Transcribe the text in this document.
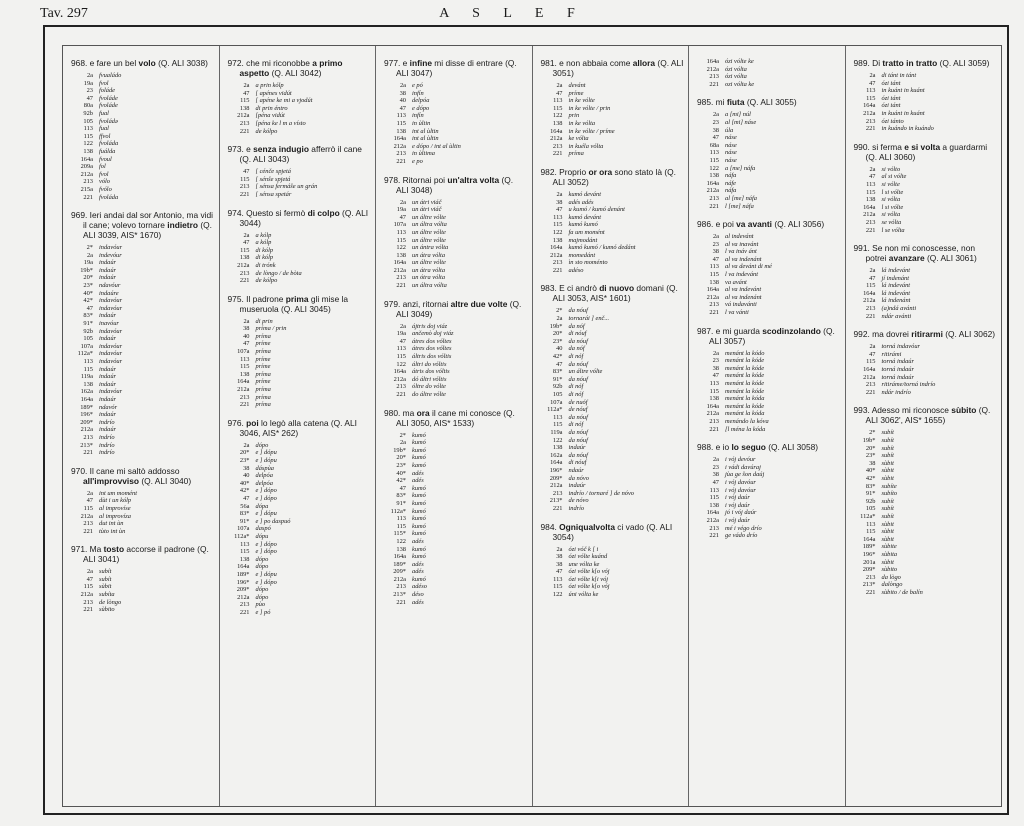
Tav. 297	A S L E F
968. e fare un bel volo (Q. ALI 3038)
2a fvualádo
19a fvol
23 foláde
47 fvoláde
80a fvoláde
92b fual
105 fvoládə
113 fual
115 ffvol
122 fvoláda
138 fuálda
164a fvoul
209a fol
212a fvol
213 vólo
215a fvólo
221 fvoláda
969. Ieri andai dal sor Antonio, ma vidi il cane; volevo tornare indietro (Q. ALI 3039, AIS* 1670)
2* indavóur
2a indevóur
19a indaúr
19b* indaúr
20* indaúr
23* ndavóur
40* indaúre
42* indavóur
47 indavóur
83* indaúr
91* inavóur
92b indavóur
105 indaúr
107a indavóur
112a* indavóur
113 indavóur
115 indaúr
119a indaúr
138 indaúr
162a indavóur
164a indaúr
189* ndavór
196* indaúr
209* indrío
212a indaúr
213 indrío
213* indrío
221 indrío
970. Il cane mi saltò addosso all'improvviso (Q. ALI 3040)
2a int um momént
47 dùt i un kólp
115 al improvíse
212a al improvíza
213 dut int ùn
221 tùto int ùn
971. Ma tosto accorse il padrone (Q. ALI 3041)
2a subít
47 subít
115 sùbit
212a subíta
213 de lòngo
221 sùbito
972. che mi riconobbe a primo aspetto (Q. ALI 3042)
2a a prin kólp
47 [ apénes vidút
115 [ apéne ke mi a vjodút
138 di prin éntro
212a [péna vidút
213 [péna ke l m a vísto
221 de kólpo
973. e senza indugio afferrò il cane (Q. ALI 3043)
47 [ cénče spjetá
115 [ sénše spjetá
213 [ sénsa fermáše un grán
221 [ sénsa spetár
974. Questo si fermò di colpo (Q. ALI 3044)
2a a kólp
47 a kólp
115 di kólp
138 di kólp
212a di trónk
213 de lòngo / de bòta
221 de kólpo
975. Il padrone prima gli mise la museruola (Q. ALI 3045)
2a di prin
38 príma / prin
40 príma
47 príme
107a príma
113 príme
115 príme
138 príma
164a príme
212a príma
213 príma
221 príma
976. poi lo legò alla catena (Q. ALI 3046, AIS* 262)
2a dópo
20* e ] dópu
23* e ] dópu
38 dáspùa
40 delpóa
40* delpóa
42* e ] dópo
47 e ] dópo
56a dópa
83* e ] dópu
91* e ] po daspuó
107a daspó
112a* dópu
113 e ] dópo
115 e ] dópo
138 dópo
164a dópo
189* e ] dópu
196* e ] dópo
209* dópo
212a dópo
213 pùo
221 e ] pó
977. e infine mi disse di entrare (Q. ALI 3047)
2a e pó
38 infín
40 delpóa
47 e dópo
113 infín
115 in ùltin
138 int al ùltin
164a int al ùltin
212a e dópo / int al ùltin
213 in ùltima
221 e po
978. Ritornai poi un'altra volta (Q. ALI 3048)
2a un átri viáč
19a un átri viáč
47 un áltre vólte
107a un áltra vólta
113 un áltre vólte
115 un áltre vólte
122 un ántra vólta
138 un átra vólta
164a un áltre vólte
212a un átra vólta
213 un ótra vólta
221 un áltra vólta
979. anzi, ritornai altre due volte (Q. ALI 3049)
2a ájtris doj viáz
19a ančemò doj viáz
47 átres dos vóltes
113 átres dos vóltes
115 áltris dos vóltis
122 áltri do vóltis
164a átris dos vóltis
212a dó áltri vóltis
213 óltre do vólte
221 do áltre vólte
980. ma ora il cane mi conosce (Q. ALI 3050, AIS* 1533)
2* kumó
2a kumó
19b* kumó
20* kumó
23* kamó
40* adés
42* adés
47 kumó
83* kumó
91* kumó
112a* kumó
113 kumó
115 kumó
115* kumó
122 adés
138 kumó
164a kumó
189* adés
209* adés
212a kumó
213 adéso
213* déso
221 adés
981. e non abbaia come allora (Q. ALI 3051)
2a devánt
47 príme
113 in ke vólte
115 in ke vólte / prin
122 prin
138 in ke vólta
164a in ke vólte / príme
212a ke vólta
213 in kuéla vólta
221 príma
982. Proprio or ora sono stato là (Q. ALI 3052)
2a kumó devánt
38 adés adés
47 u kumó / kumó denánt
113 kumó devánt
115 kumó kumó
122 fa um momént
138 majmodánt
164a kumó kumó / kumó dedánt
212a momedánt
213 ìn sto moménto
221 adéso
983. E ci andrò di nuovo domani (Q. ALI 3053, AIS* 1601)
2* da nóuf
2a tornarái ] enč...
19b* da nóf
20* di nóuf
23* da nóuf
40 da nóf
42* di nóf
47 da nóuf
83* un áltre vólte
91* da nóuf
92b di nóf
105 di nóf
107a de nuóf
112a* de nóuf
113 da nóuf
115 di nóf
119a da nóuf
122 da nóuf
138 indaúr
162a da nóuf
164a di nóuf
196* ndaúr
209* da nóvo
212a indaúr
213 indrío / tornaré ] de nóvo
213* de nóvo
221 indrío
984. Ogniqualvolta ci vado (Q. ALI 3054)
2a ózi vóč k [ i
38 ózi vólte kuánd
38 une vólta ke
47 ózi vólte k[o vój
113 ózi vólte k[i vój
115 ózi vólte k[o vój
122 úni vólta ke
164a ózi vólte ke
212a ózi vólta
213 ózi vólta
221 ozi vólta ke
985. mi fiuta (Q. ALI 3055)
2a a [mi] núl
23 al [mi] náse
38 úla
47 náse
68a náse
113 náse
115 náse
122 a [me] náfa
138 náfa
164a náfe
212a náfa
213 al [me] náfa
221 l [me] náfa
986. e poi va avanti (Q. ALI 3056)
2a al indevánt
23 al va inavánt
38 l va ináv ánt
47 al va indenánt
113 al va devánt di mé
115 l va indevánt
138 va avánt
164a al va indevánt
212a al va indenánt
213 vá indavánti
221 l va vánti
987. e mi guarda scodinzolando (Q. ALI 3057)
2a menánt la kódo
23 menánt la kóde
38 menánt la kóde
47 menánt la kóde
113 menánt la kóde
115 menánt la kóde
138 menánt la kóda
164a menánt la kóde
212a menánt la kóda
213 menándo la kóva
221 [l ména la kóda
988. e io lo seguo (Q. ALI 3058)
2a i vój devóur
23 i vádi davúraj
38 jùa ge šon daúj
47 i vój davóur
113 i vój davóur
115 i vój daúr
138 i vój daúr
164a jó i vój daúr
212a i vój daúr
213 mé i végo drío
221 ge vádo drío
989. Di tratto in tratto (Q. ALI 3059)
2a di tánt in tánt
47 ózi tánt
113 in kuánt in kuánt
115 ózi tánt
164a ózi tánt
212a in kuánt in kuánt
213 ózi tánto
221 in kuándo in kuándo
990. si ferma e si volta a guardarmi (Q. ALI 3060)
2a si vólto
47 al si vólte
113 si vólte
115 l si vólte
138 si vólta
164a l si vólte
212a si vólta
213 se vólta
221 l se vólta
991. Se non mi conoscesse, non potrei avanzare (Q. ALI 3061)
2a lá indevánt
47 jí indenánt
115 lá indevánt
164a lá indevánt
212a lá indenánt
213 (a)ndá avánti
221 ndár avánti
992. ma dovrei ritirarmi (Q. ALI 3062)
2a torná indavóur
47 ritirámi
115 torná indaúr
164a torná indaúr
212a torná indaúr
213 ritiráme/torná indrío
221 ndár indrío
993. Adesso mi riconosce sùbito (Q. ALI 3062', AIS* 1655)
2* subít
19b* subít
20* subít
23* subít
38 sùbit
40* sùbit
42* sùbit
83* subíte
91* subíto
92b subít
105 subít
112a* subít
113 sùbit
115 sùbit
164a sùbit
189* sùbite
196* sùbita
201a sùbit
209* sùbito
213 da lògo
213* dalòngo
221 sùbito / de balín
